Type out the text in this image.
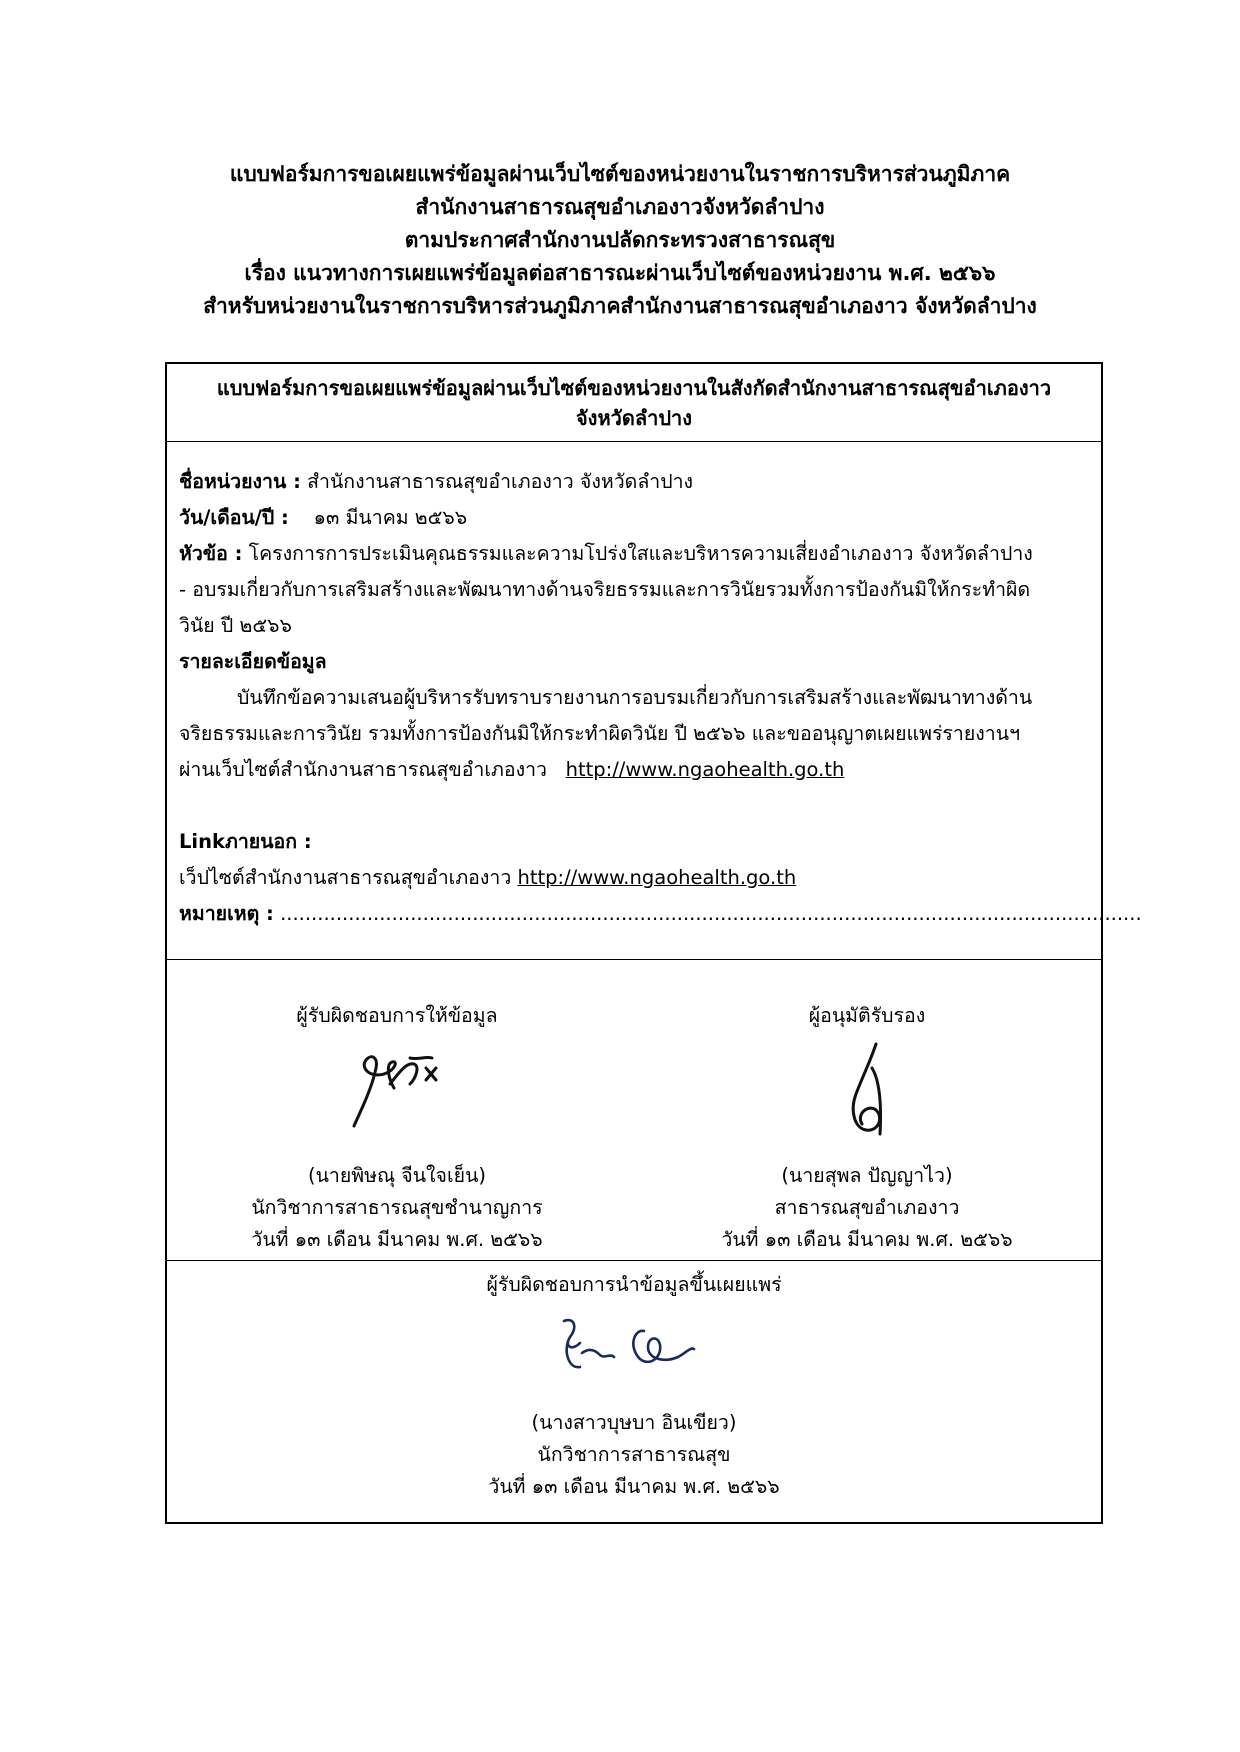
แบบฟอร์มการขอเผยแพร่ข้อมูลผ่านเว็บไซต์ของหน่วยงานในราชการบริหารส่วนภูมิภาค
สำนักงานสาธารณสุขอำเภองาวจังหวัดลำปาง
ตามประกาศสำนักงานปลัดกระทรวงสาธารณสุข
เรื่อง แนวทางการเผยแพร่ข้อมูลต่อสาธารณะผ่านเว็บไซต์ของหน่วยงาน พ.ศ. ๒๕๖๖
สำหรับหน่วยงานในราชการบริหารส่วนภูมิภาคสำนักงานสาธารณสุขอำเภองาว จังหวัดลำปาง
แบบฟอร์มการขอเผยแพร่ข้อมูลผ่านเว็บไซต์ของหน่วยงานในสังกัดสำนักงานสาธารณสุขอำเภองาว
จังหวัดลำปาง
ชื่อหน่วยงาน : สำนักงานสาธารณสุขอำเภองาว จังหวัดลำปาง
วัน/เดือน/ปี : ๑๓ มีนาคม ๒๕๖๖
หัวข้อ : โครงการการประเมินคุณธรรมและความโปร่งใสและบริหารความเสี่ยงอำเภองาว จังหวัดลำปาง
- อบรมเกี่ยวกับการเสริมสร้างและพัฒนาทางด้านจริยธรรมและการวินัยรวมทั้งการป้องกันมิให้กระทำผิด
วินัย ปี ๒๕๖๖
รายละเอียดข้อมูล
บันทึกข้อความเสนอผู้บริหารรับทราบรายงานการอบรมเกี่ยวกับการเสริมสร้างและพัฒนาทางด้าน
จริยธรรมและการวินัย รวมทั้งการป้องกันมิให้กระทำผิดวินัย ปี ๒๕๖๖ และขออนุญาตเผยแพร่รายงานฯ
ผ่านเว็บไซต์สำนักงานสาธารณสุขอำเภองาว http://www.ngaohealth.go.th
Linkภายนอก :
เว็ปไซต์สำนักงานสาธารณสุขอำเภองาว http://www.ngaohealth.go.th
หมายเหตุ : ...........................................................................................................................................
ผู้รับผิดชอบการให้ข้อมูล
(นายพิษณุ จีนใจเย็น)
นักวิชาการสาธารณสุขชำนาญการ
วันที่ ๑๓ เดือน มีนาคม พ.ศ. ๒๕๖๖
ผู้อนุมัติรับรอง
(นายสุพล ปัญญาไว)
สาธารณสุขอำเภองาว
วันที่ ๑๓ เดือน มีนาคม พ.ศ. ๒๕๖๖
ผู้รับผิดชอบการนำข้อมูลขึ้นเผยแพร่
(นางสาวบุษบา อินเขียว)
นักวิชาการสาธารณสุข
วันที่ ๑๓ เดือน มีนาคม พ.ศ. ๒๕๖๖
